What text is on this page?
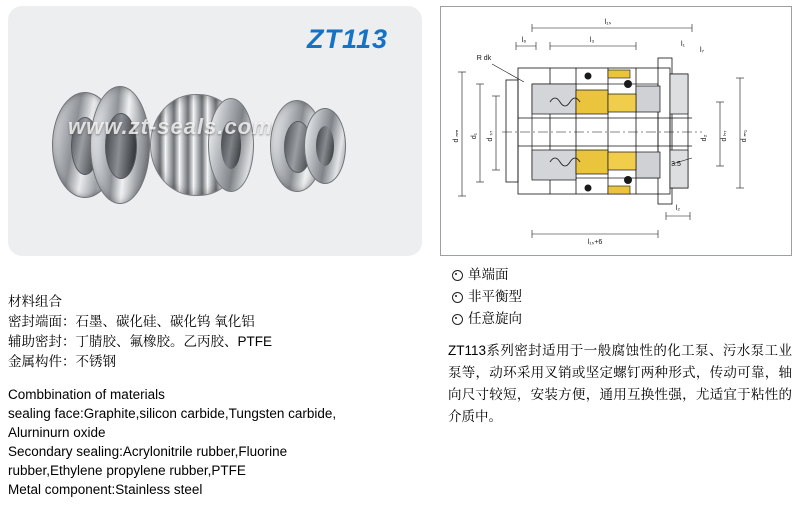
ZT113
www.zt-seals.com
材料组合
密封端面：石墨、碳化硅、碳化钨 氧化铝
辅助密封：丁腈胶、氟橡胶。乙丙胶、PTFE
金属构件：不锈钢
Combbination of materials
sealing face:Graphite,silicon carbide,Tungsten carbide,
Alurninurn oxide
Secondary sealing:Acrylonitrile rubber,Fluorine
rubber,Ethylene propylene rubber,PTFE
Metal component:Stainless steel
l₁ₛ
l₃
l₆
l₁ₛ+6
l₂
l₁
3.5
R dk
d ₙₘ d₁ d ₛ₇	d ₘ₁
d ₕ₇
d₂
l₇
单端面
非平衡型
任意旋向
ZT113系列密封适用于一般腐蚀性的化工泵、污水泵工业泵等，动环采用叉销或坚定螺钉两种形式，传动可靠，轴向尺寸较短，安装方便，通用互换性强，尤适宜于粘性的介质中。
